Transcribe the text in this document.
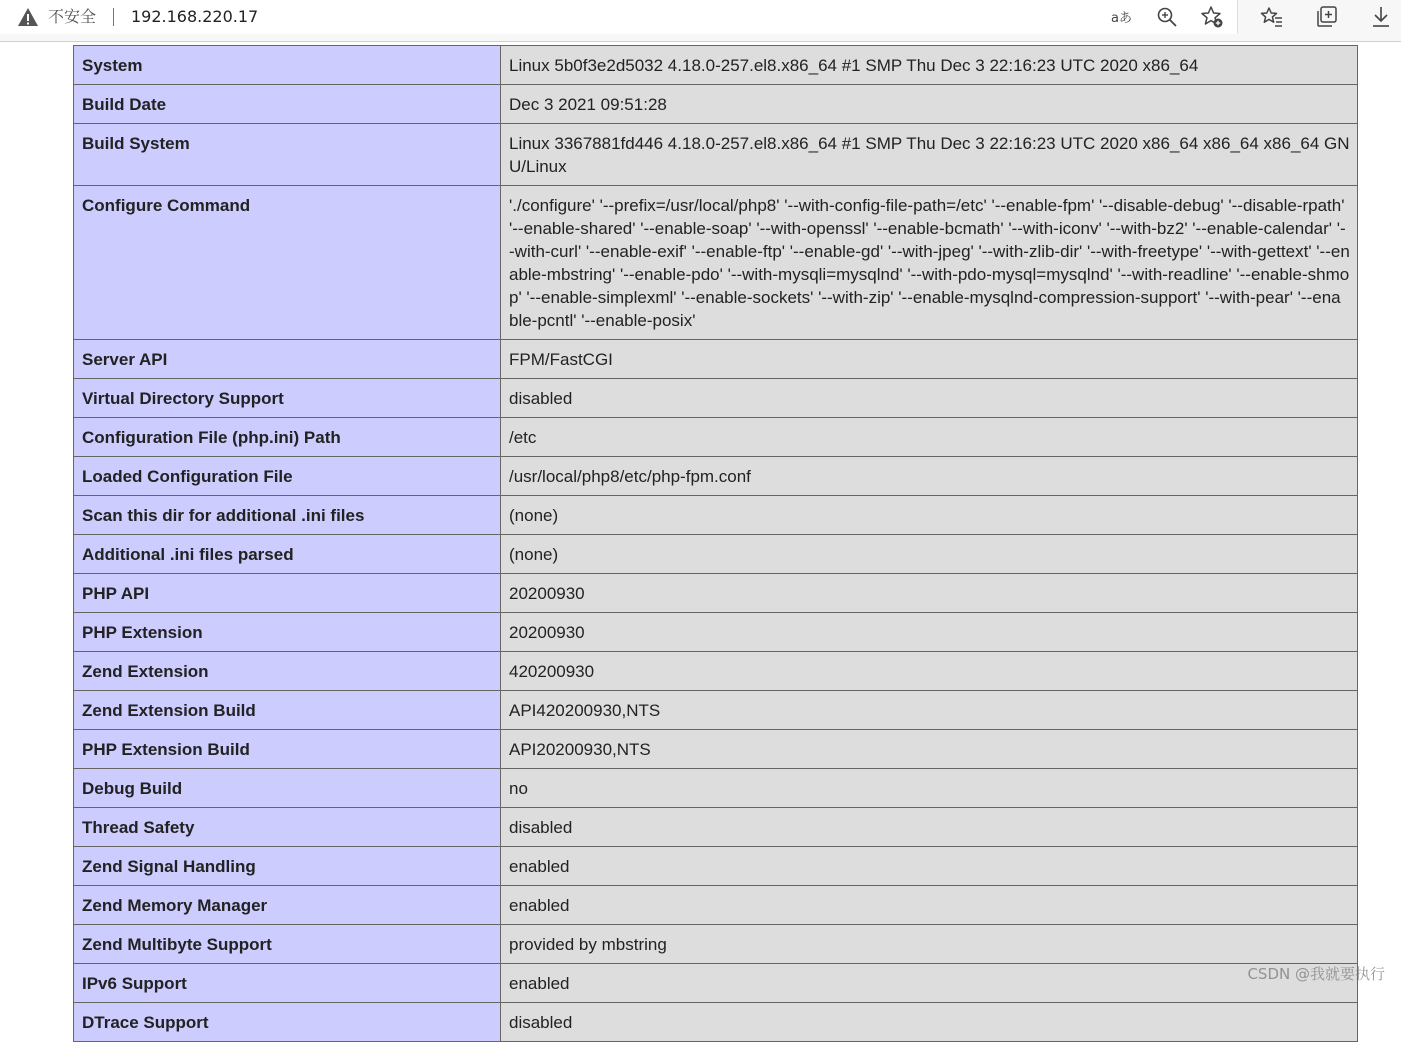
不安全 192.168.220.17	aあ
System	Linux 5b0f3e2d5032 4.18.0-257.el8.x86_64 #1 SMP Thu Dec 3 22:16:23 UTC 2020 x86_64
Build Date	Dec 3 2021 09:51:28
Build System	Linux 3367881fd446 4.18.0-257.el8.x86_64 #1 SMP Thu Dec 3 22:16:23 UTC 2020 x86_64 x86_64 x86_64 GNU/Linux
Configure Command	'./configure' '--prefix=/usr/local/php8' '--with-config-file-path=/etc' '--enable-fpm' '--disable-debug' '--disable-rpath' '--enable-shared' '--enable-soap' '--with-openssl' '--enable-bcmath' '--with-iconv' '--with-bz2' '--enable-calendar' '--with-curl' '--enable-exif' '--enable-ftp' '--enable-gd' '--with-jpeg' '--with-zlib-dir' '--with-freetype' '--with-gettext' '--enable-mbstring' '--enable-pdo' '--with-mysqli=mysqlnd' '--with-pdo-mysql=mysqlnd' '--with-readline' '--enable-shmop' '--enable-simplexml' '--enable-sockets' '--with-zip' '--enable-mysqlnd-compression-support' '--with-pear' '--enable-pcntl' '--enable-posix'
Server API	FPM/FastCGI
Virtual Directory Support	disabled
Configuration File (php.ini) Path	/etc
Loaded Configuration File	/usr/local/php8/etc/php-fpm.conf
Scan this dir for additional .ini files	(none)
Additional .ini files parsed	(none)
PHP API	20200930
PHP Extension	20200930
Zend Extension	420200930
Zend Extension Build	API420200930,NTS
PHP Extension Build	API20200930,NTS
Debug Build	no
Thread Safety	disabled
Zend Signal Handling	enabled
Zend Memory Manager	enabled
Zend Multibyte Support	provided by mbstring
IPv6 Support	enabled
DTrace Support	disabled
CSDN @我就要执行
